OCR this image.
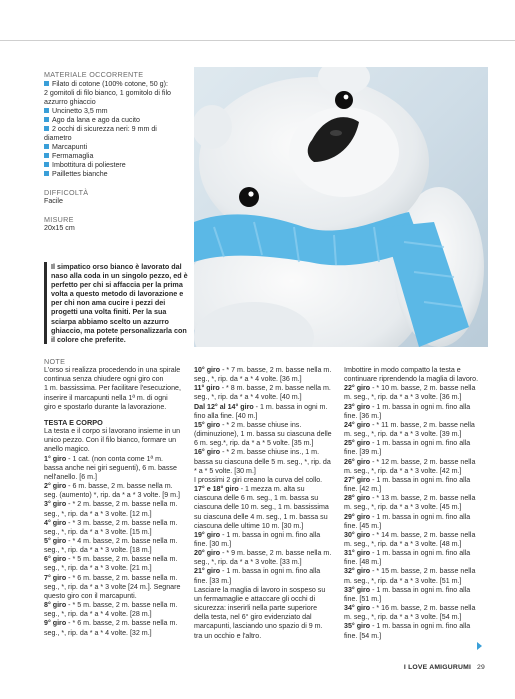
MATERIALE OCCORRENTE
Filato di cotone (100% cotone, 50 g):
2 gomitoli di filo bianco, 1 gomitolo di filo
azzurro ghiaccio
Uncinetto 3,5 mm
Ago da lana e ago da cucito
2 occhi di sicurezza neri: 9 mm di
diametro
Marcapunti
Fermamaglia
Imbottitura di poliestere
Paillettes bianche
DIFFICOLTÀ
Facile
MISURE
20x15 cm
Il simpatico orso bianco è lavorato dal
naso alla coda in un singolo pezzo, ed è
perfetto per chi si affaccia per la prima
volta a questo metodo di lavorazione e
per chi non ama cucire i pezzi dei
progetti una volta finiti. Per la sua
sciarpa abbiamo scelto un azzurro
ghiaccio, ma potete personalizzarla con
il colore che preferite.
NOTE
L'orso si realizza procedendo in una spirale
continua senza chiudere ogni giro con
1 m. bassissima. Per facilitare l'esecuzione,
inserire il marcapunti nella 1ª m. di ogni
giro e spostarlo durante la lavorazione.
TESTA E CORPO
La testa e il corpo si lavorano insieme in un
unico pezzo. Con il filo bianco, formare un
anello magico.
1° giro - 1 cat. (non conta come 1ª m.
bassa anche nei giri seguenti), 6 m. basse
nell'anello. [6 m.]
2° giro - 6 m. basse, 2 m. basse nella m.
seg. (aumento) *, rip. da * a * 3 volte. [9 m.]
3° giro - * 2 m. basse, 2 m. basse nella m.
seg., *, rip. da * a * 3 volte. [12 m.]
4° giro - * 3 m. basse, 2 m. basse nella m.
seg., *, rip. da * a * 3 volte. [15 m.]
5° giro - * 4 m. basse, 2 m. basse nella m.
seg., *, rip. da * a * 3 volte. [18 m.]
6° giro - * 5 m. basse, 2 m. basse nella m.
seg., *, rip. da * a * 3 volte. [21 m.]
7° giro - * 6 m. basse, 2 m. basse nella m.
seg., *, rip. da * a * 3 volte [24 m.]. Segnare
questo giro con il marcapunti.
8° giro - * 5 m. basse, 2 m. basse nella m.
seg., *, rip. da * a * 4 volte. [28 m.]
9° giro - * 6 m. basse, 2 m. basse nella m.
seg., *, rip. da * a * 4 volte. [32 m.]
10° giro - * 7 m. basse, 2 m. basse nella m.
seg., *, rip. da * a * 4 volte. [36 m.]
11° giro - * 8 m. basse, 2 m. basse nella m.
seg., *, rip. da * a * 4 volte. [40 m.]
Dal 12° al 14° giro - 1 m. bassa in ogni m.
fino alla fine. [40 m.]
15° giro - * 2 m. basse chiuse ins.
(diminuzione), 1 m. bassa su ciascuna delle
6 m. seg.*, rip. da * a * 5 volte. [35 m.]
16° giro - * 2 m. basse chiuse ins., 1 m.
bassa su ciascuna delle 5 m. seg., *, rip. da
* a * 5 volte. [30 m.]
I prossimi 2 giri creano la curva del collo.
17° e 18° giro - 1 mezza m. alta su
ciascuna delle 6 m. seg., 1 m. bassa su
ciascuna delle 10 m. seg., 1 m. bassissima
su ciascuna delle 4 m. seg., 1 m. bassa su
ciascuna delle ultime 10 m. [30 m.]
19° giro - 1 m. bassa in ogni m. fino alla
fine. [30 m.]
20° giro - * 9 m. basse, 2 m. basse nella m.
seg., *, rip. da * a * 3 volte. [33 m.]
21° giro - 1 m. bassa in ogni m. fino alla
fine. [33 m.]
Lasciare la maglia di lavoro in sospeso su
un fermamaglie e attaccare gli occhi di
sicurezza: inserirli nella parte superiore
della testa, nel 6° giro evidenziato dal
marcapunti, lasciando uno spazio di 9 m.
tra un occhio e l'altro.
Imbottire in modo compatto la testa e
continuare riprendendo la maglia di lavoro.
22° giro - * 10 m. basse, 2 m. basse nella
m. seg., *, rip. da * a * 3 volte. [36 m.]
23° giro - 1 m. bassa in ogni m. fino alla
fine. [36 m.]
24° giro - * 11 m. basse, 2 m. basse nella
m. seg., *, rip. da * a * 3 volte. [39 m.]
25° giro - 1 m. bassa in ogni m. fino alla
fine. [39 m.]
26° giro - * 12 m. basse, 2 m. basse nella
m. seg., *, rip. da * a * 3 volte. [42 m.]
27° giro - 1 m. bassa in ogni m. fino alla
fine. [42 m.]
28° giro - * 13 m. basse, 2 m. basse nella
m. seg., *, rip. da * a * 3 volte. [45 m.]
29° giro - 1 m. bassa in ogni m. fino alla
fine. [45 m.]
30° giro - * 14 m. basse, 2 m. basse nella
m. seg., *, rip. da * a * 3 volte. [48 m.]
31° giro - 1 m. bassa in ogni m. fino alla
fine. [48 m.]
32° giro - * 15 m. basse, 2 m. basse nella
m. seg., *, rip. da * a * 3 volte. [51 m.]
33° giro - 1 m. bassa in ogni m. fino alla
fine. [51 m.]
34° giro - * 16 m. basse, 2 m. basse nella
m. seg., *, rip. da * a * 3 volte. [54 m.]
35° giro - 1 m. bassa in ogni m. fino alla
fine. [54 m.]
I LOVE AMIGURUMI 29
